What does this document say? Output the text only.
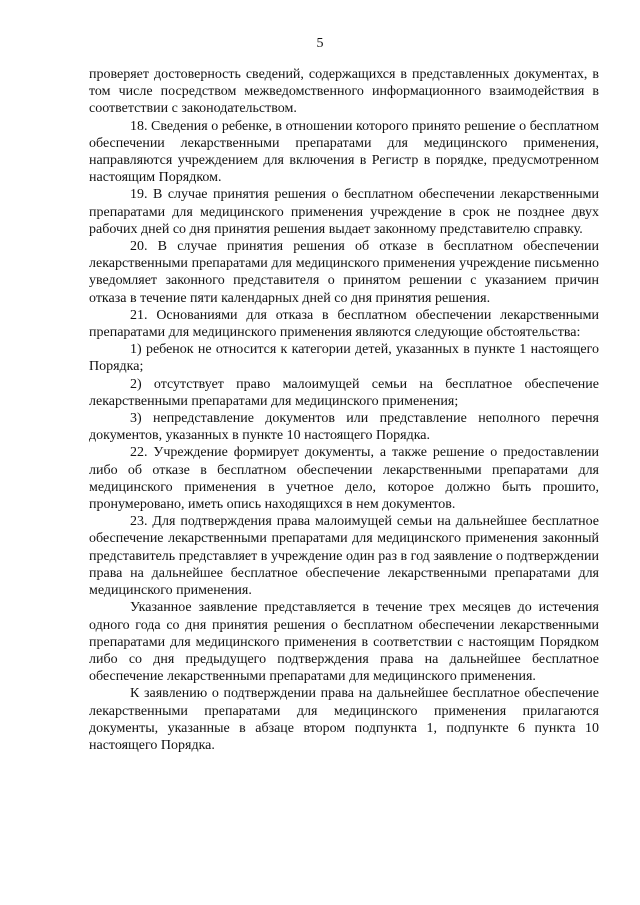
5

проверяет достоверность сведений, содержащихся в представленных документах, в том числе посредством межведомственного информационного взаимодействия в соответствии с законодательством.

18. Сведения о ребенке, в отношении которого принято решение о бесплатном обеспечении лекарственными препаратами для медицинского применения, направляются учреждением для включения в Регистр в порядке, предусмотренном настоящим Порядком.

19. В случае принятия решения о бесплатном обеспечении лекарственными препаратами для медицинского применения учреждение в срок не позднее двух рабочих дней со дня принятия решения выдает законному представителю справку.

20. В случае принятия решения об отказе в бесплатном обеспечении лекарственными препаратами для медицинского применения учреждение письменно уведомляет законного представителя о принятом решении с указанием причин отказа в течение пяти календарных дней со дня принятия решения.

21. Основаниями для отказа в бесплатном обеспечении лекарственными препаратами для медицинского применения являются следующие обстоятельства:

1) ребенок не относится к категории детей, указанных в пункте 1 настоящего Порядка;

2) отсутствует право малоимущей семьи на бесплатное обеспечение лекарственными препаратами для медицинского применения;

3) непредставление документов или представление неполного перечня документов, указанных в пункте 10 настоящего Порядка.

22. Учреждение формирует документы, а также решение о предоставлении либо об отказе в бесплатном обеспечении лекарственными препаратами для медицинского применения в учетное дело, которое должно быть прошито, пронумеровано, иметь опись находящихся в нем документов.

23. Для подтверждения права малоимущей семьи на дальнейшее бесплатное обеспечение лекарственными препаратами для медицинского применения законный представитель представляет в учреждение один раз в год заявление о подтверждении права на дальнейшее бесплатное обеспечение лекарственными препаратами для медицинского применения.

Указанное заявление представляется в течение трех месяцев до истечения одного года со дня принятия решения о бесплатном обеспечении лекарственными препаратами для медицинского применения в соответствии с настоящим Порядком либо со дня предыдущего подтверждения права на дальнейшее бесплатное обеспечение лекарственными препаратами для медицинского применения.

К заявлению о подтверждении права на дальнейшее бесплатное обеспечение лекарственными препаратами для медицинского применения прилагаются документы, указанные в абзаце втором подпункта 1, подпункте 6 пункта 10 настоящего Порядка.
